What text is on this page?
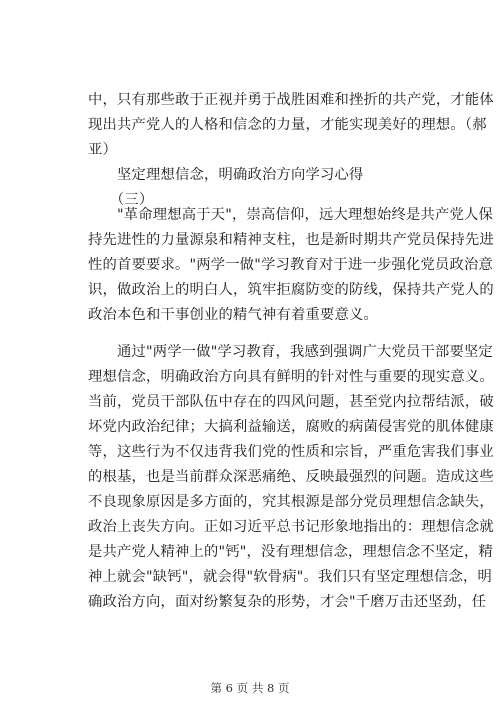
中，只有那些敢于正视并勇于战胜困难和挫折的共产党，才能体
现出共产党人的人格和信念的力量，才能实现美好的理想。（郝
亚）
　　坚定理想信念，明确政治方向学习心得
　　（三）
　　"革命理想高于天"，崇高信仰，远大理想始终是共产党人保
持先进性的力量源泉和精神支柱，也是新时期共产党员保持先进
性的首要要求。"两学一做"学习教育对于进一步强化党员政治意
识，做政治上的明白人，筑牢拒腐防变的防线，保持共产党人的
政治本色和干事创业的精气神有着重要意义。
　　通过"两学一做"学习教育，我感到强调广大党员干部要坚定
理想信念，明确政治方向具有鲜明的针对性与重要的现实意义。
当前，党员干部队伍中存在的四风问题，甚至党内拉帮结派，破
坏党内政治纪律；大搞利益输送，腐败的病菌侵害党的肌体健康
等，这些行为不仅违背我们党的性质和宗旨，严重危害我们事业
的根基，也是当前群众深恶痛绝、反映最强烈的问题。造成这些
不良现象原因是多方面的，究其根源是部分党员理想信念缺失，
政治上丧失方向。正如习近平总书记形象地指出的：理想信念就
是共产党人精神上的"钙"，没有理想信念，理想信念不坚定，精
神上就会"缺钙"，就会得"软骨病"。我们只有坚定理想信念，明
确政治方向，面对纷繁复杂的形势，才会"千磨万击还坚劲，任
第 6 页 共 8 页
